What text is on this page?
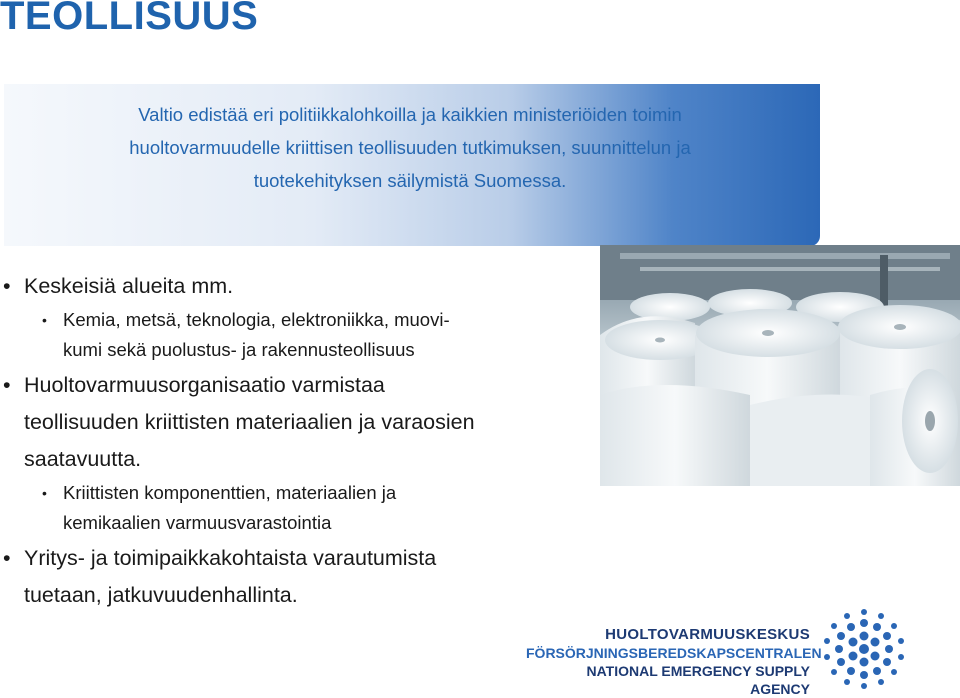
TEOLLISUUS
Valtio edistää eri politiikkalohkoilla ja kaikkien ministeriöiden toimin
huoltovarmuudelle kriittisen teollisuuden tutkimuksen, suunnittelun ja
tuotekehityksen säilymistä Suomessa.

• Keskeisiä alueita mm.

• Kemia, metsä, teknologia, elektroniikka, muovi-
kumi sekä puolustus- ja rakennusteollisuus

• Huoltovarmuusorganisaatio varmistaa
teollisuuden kriittisten materiaalien ja varaosien
saatavuutta.

• Kriittisten komponenttien, materiaalien ja
kemikaalien varmuusvarastointia

• Yritys- ja toimipaikkakohtaista varautumista
tuetaan, jatkuvuudenhallinta.

HUOLTOVARMUUSKESKUS
FÖRSÖRJNINGSBEREDSKAPSCENTRALEN
NATIONAL EMERGENCY SUPPLY AGENCY
